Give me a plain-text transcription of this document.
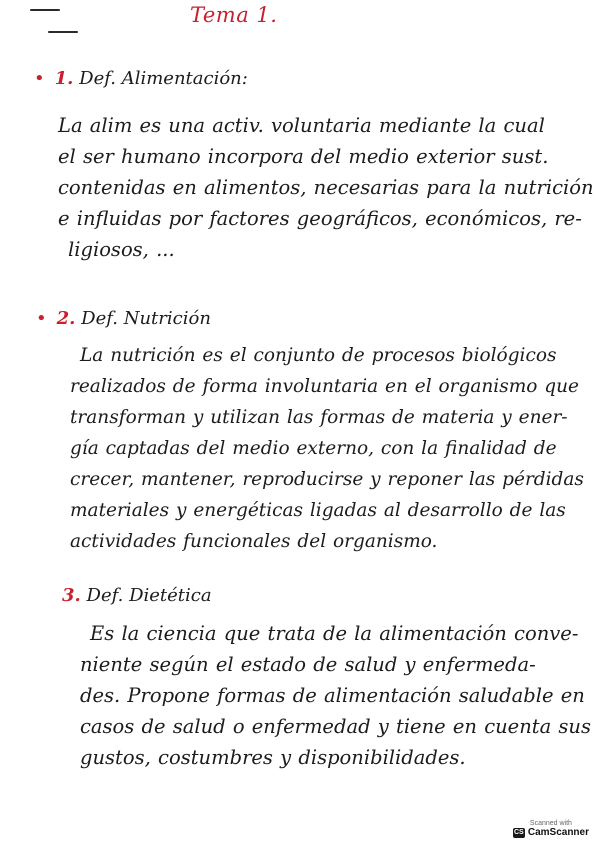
Tema 1.
• 1. Def. Alimentación:
La alim es una activ. voluntaria mediante la cual
el ser humano incorpora del medio exterior sust.
contenidas en alimentos, necesarias para la nutrición
e influidas por factores geográficos, económicos, re-
ligiosos, ...
• 2. Def. Nutrición
La nutrición es el conjunto de procesos biológicos
realizados de forma involuntaria en el organismo que
transforman y utilizan las formas de materia y ener-
gía captadas del medio externo, con la finalidad de
crecer, mantener, reproducirse y reponer las pérdidas
materiales y energéticas ligadas al desarrollo de las
actividades funcionales del organismo.
3. Def. Dietética
Es la ciencia que trata de la alimentación conve-
niente según el estado de salud y enfermeda-
des. Propone formas de alimentación saludable en
casos de salud o enfermedad y tiene en cuenta sus
gustos, costumbres y disponibilidades.
Scanned with
CS CamScanner
